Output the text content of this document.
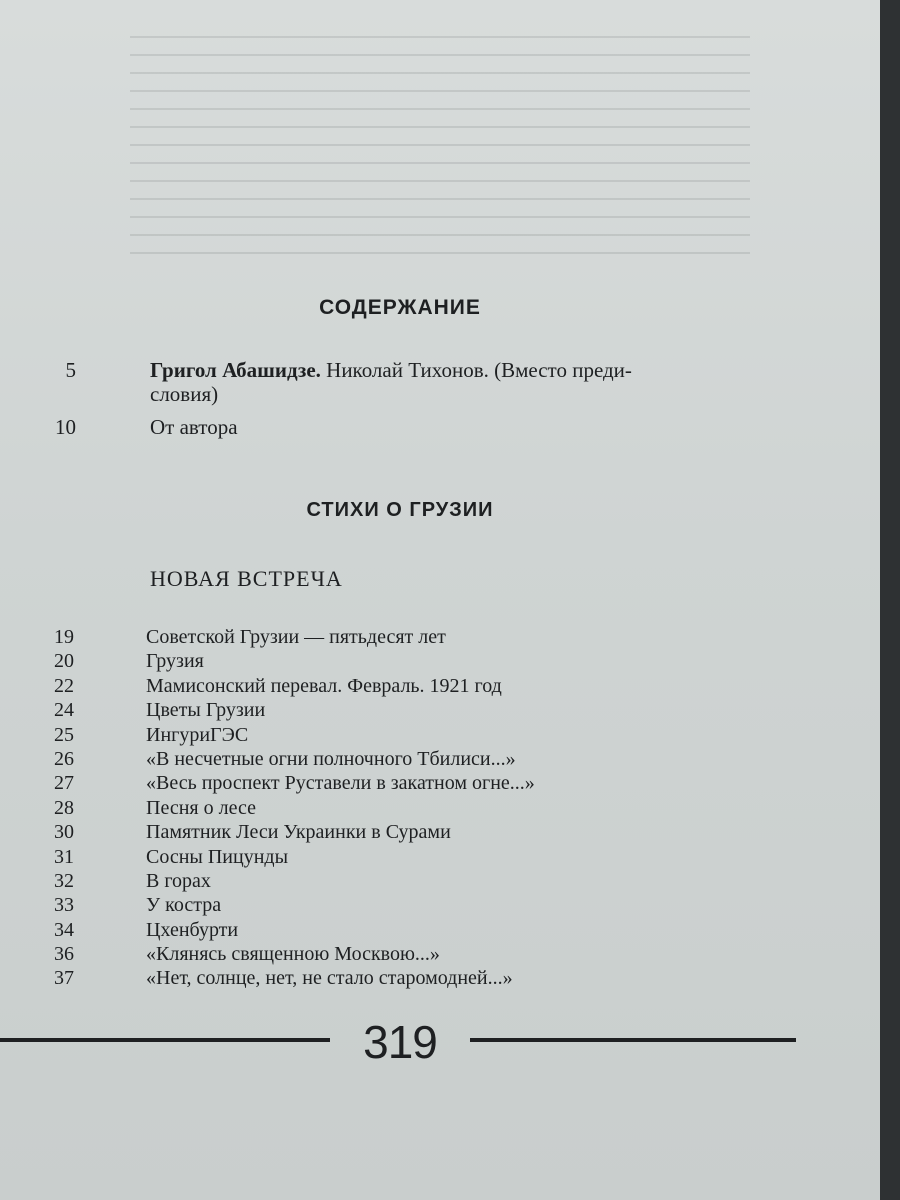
СОДЕРЖАНИЕ
5	Григол Абашидзе. Николай Тихонов. (Вместо преди-
словия)
10	От автора
СТИХИ О ГРУЗИИ
НОВАЯ ВСТРЕЧА
19	Советской Грузии — пятьдесят лет
20	Грузия
22	Мамисонский перевал. Февраль. 1921 год
24	Цветы Грузии
25	ИнгуриГЭС
26	«В несчетные огни полночного Тбилиси...»
27	«Весь проспект Руставели в закатном огне...»
28	Песня о лесе
30	Памятник Леси Украинки в Сурами
31	Сосны Пицунды
32	В горах
33	У костра
34	Цхенбурти
36	«Клянясь священною Москвою...»
37	«Нет, солнце, нет, не стало старомодней...»
319
